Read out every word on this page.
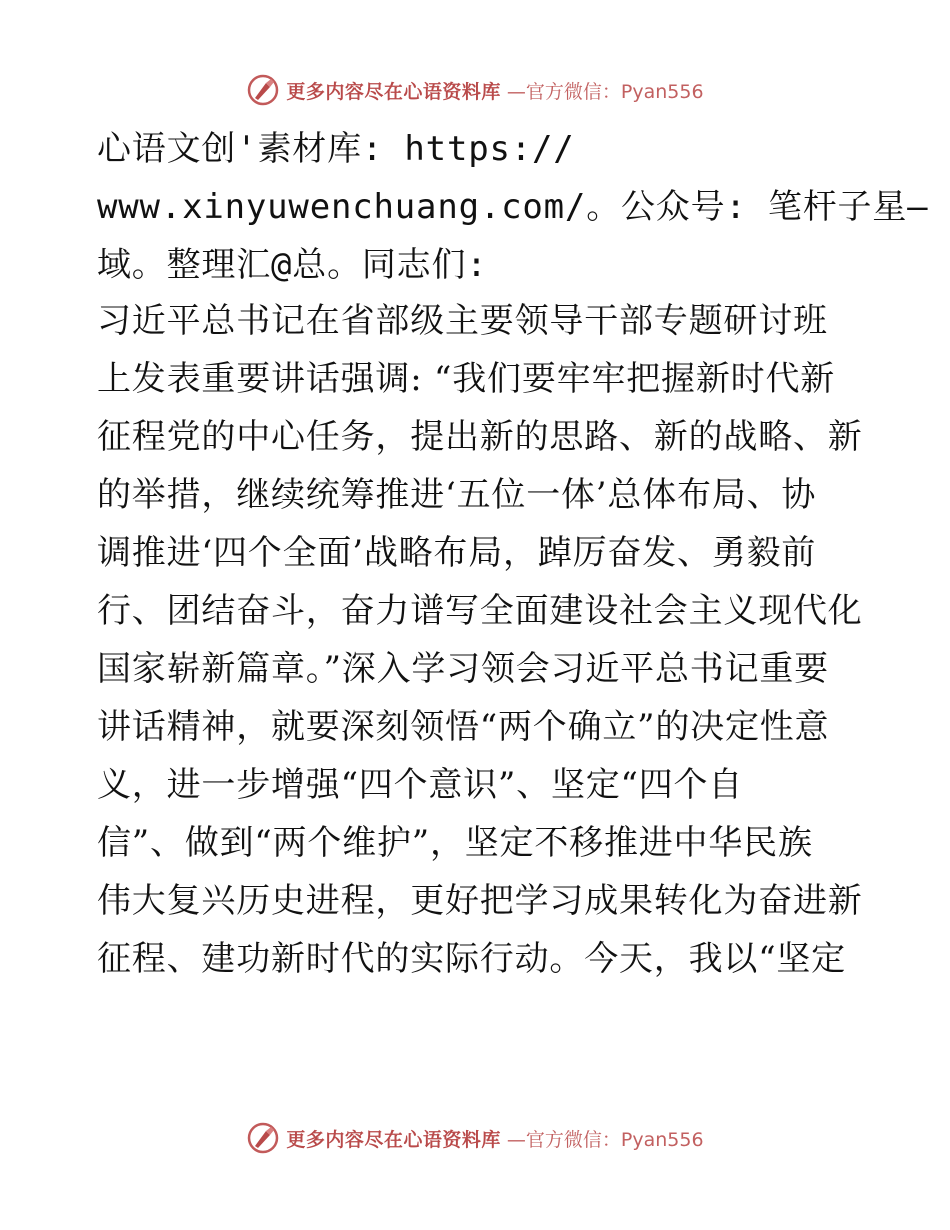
更多内容尽在心语资料库 —官方微信：Pyan556
心语文创'素材库: https://
www.xinyuwenchuang.com/。公众号: 笔杆子星—
域。整理汇@总。同志们:
习近平总书记在省部级主要领导干部专题研讨班
上发表重要讲话强调: “我们要牢牢把握新时代新
征程党的中心任务，提出新的思路、新的战略、新
的举措，继续统筹推进‘五位一体’总体布局、协
调推进‘四个全面’战略布局，踔厉奋发、勇毅前
行、团结奋斗，奋力谱写全面建设社会主义现代化
国家崭新篇章。”深入学习领会习近平总书记重要
讲话精神，就要深刻领悟“两个确立”的决定性意
义，进一步增强“四个意识”、坚定“四个自
信”、做到“两个维护”，坚定不移推进中华民族
伟大复兴历史进程，更好把学习成果转化为奋进新
征程、建功新时代的实际行动。今天，我以“坚定
更多内容尽在心语资料库 —官方微信：Pyan556
